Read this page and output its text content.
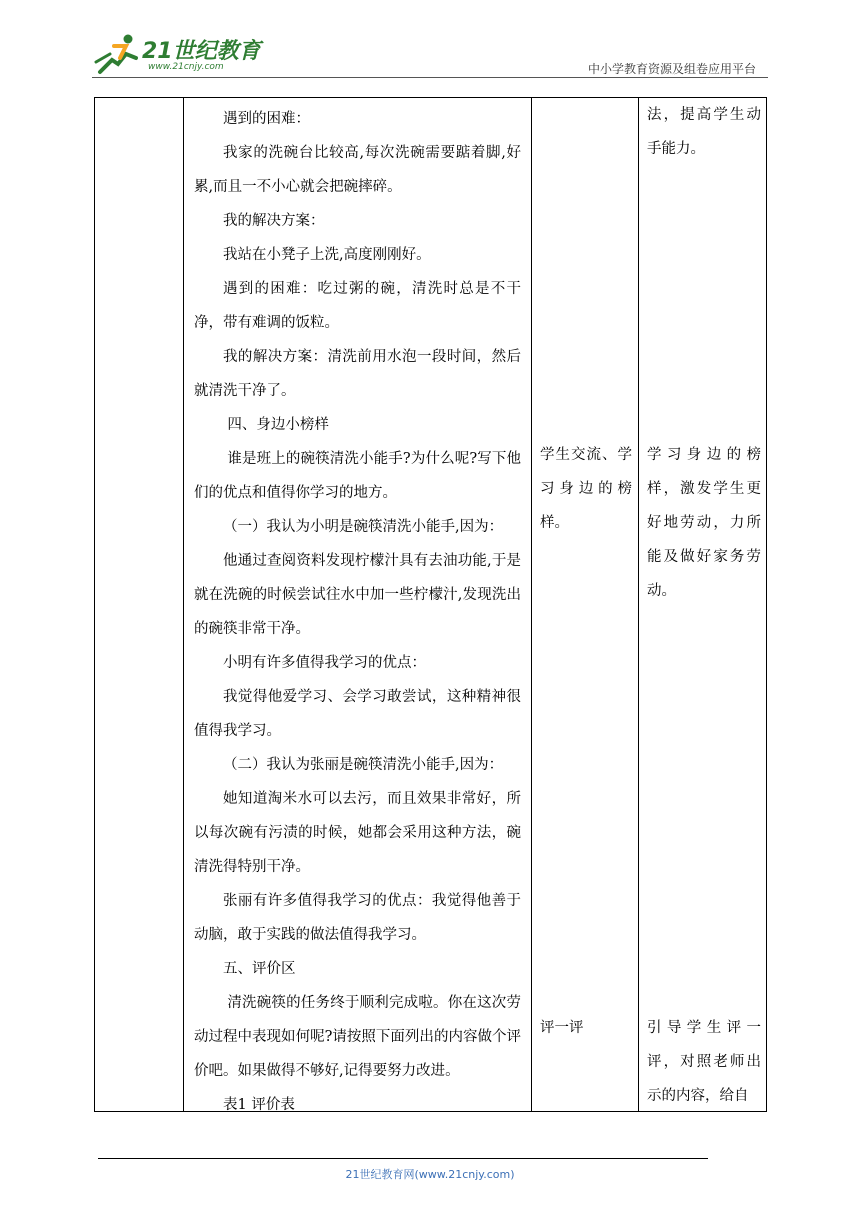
21世纪教育
www.21cnjy.com	中小学教育资源及组卷应用平台

遇到的困难：

我家的洗碗台比较高,每次洗碗需要踮着脚,好累,而且一不小心就会把碗摔碎。

我的解决方案：

我站在小凳子上洗,高度刚刚好。

遇到的困难：吃过粥的碗，清洗时总是不干净，带有难调的饭粒。

我的解决方案：清洗前用水泡一段时间，然后就清洗干净了。

四、身边小榜样

谁是班上的碗筷清洗小能手?为什么呢?写下他们的优点和值得你学习的地方。

（一）我认为小明是碗筷清洗小能手,因为：

他通过查阅资料发现柠檬汁具有去油功能,于是就在洗碗的时候尝试往水中加一些柠檬汁,发现洗出的碗筷非常干净。

小明有许多值得我学习的优点：

我觉得他爱学习、会学习敢尝试，这种精神很值得我学习。

（二）我认为张丽是碗筷清洗小能手,因为：

她知道淘米水可以去污，而且效果非常好，所以每次碗有污渍的时候，她都会采用这种方法，碗清洗得特别干净。

张丽有许多值得我学习的优点：我觉得他善于动脑，敢于实践的做法值得我学习。

五、评价区

清洗碗筷的任务终于顺利完成啦。你在这次劳动过程中表现如何呢?请按照下面列出的内容做个评价吧。如果做得不够好,记得要努力改进。

表1 评价表

学生交流、学习身边的榜样。
评一评
法，提高学生动手能力。
学习身边的榜样，激发学生更好地劳动，力所能及做好家务劳动。
引导学生评一评，对照老师出示的内容，给自
21世纪教育网(www.21cnjy.com)
